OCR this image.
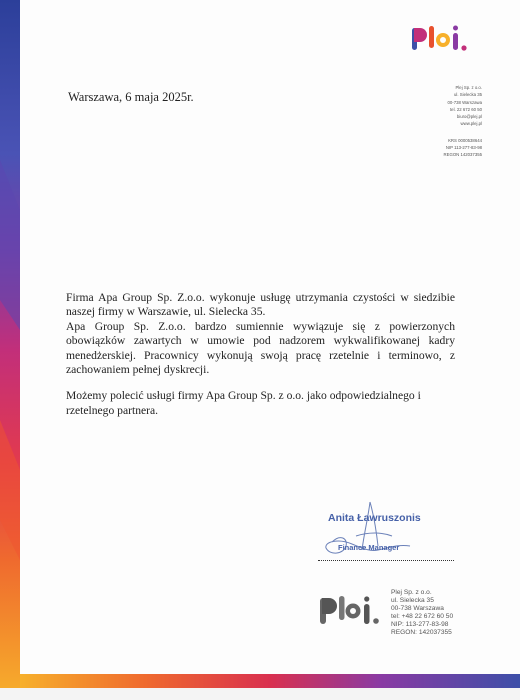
Plej Sp. z o.o.
ul. Sielecka 35
00-738 Warszawa
tel. 22 672 60 50
biuro@plej.pl
www.plej.pl
KRS 0000538644
NIP 113-277-83-98
REGON 142037355
Warszawa, 6 maja 2025r.

Firma Apa Group Sp. Z.o.o. wykonuje usługę utrzymania czystości w siedzibie naszej firmy w Warszawie, ul. Sielecka 35.

Apa Group Sp. Z.o.o. bardzo sumiennie wywiązuje się z powierzonych obowiązków zawartych w umowie pod nadzorem wykwalifikowanej kadry menedżerskiej. Pracownicy wykonują swoją pracę rzetelnie i terminowo, z zachowaniem pełnej dyskrecji.

Możemy polecić usługi firmy Apa Group Sp. z o.o. jako odpowiedzialnego i rzetelnego partnera.

Anita Ławruszonis
Finance Manager
Plej Sp. z o.o.
ul. Sielecka 35
00-738 Warszawa
tel: +48 22 672 60 50
NIP: 113-277-83-98
REGON: 142037355
